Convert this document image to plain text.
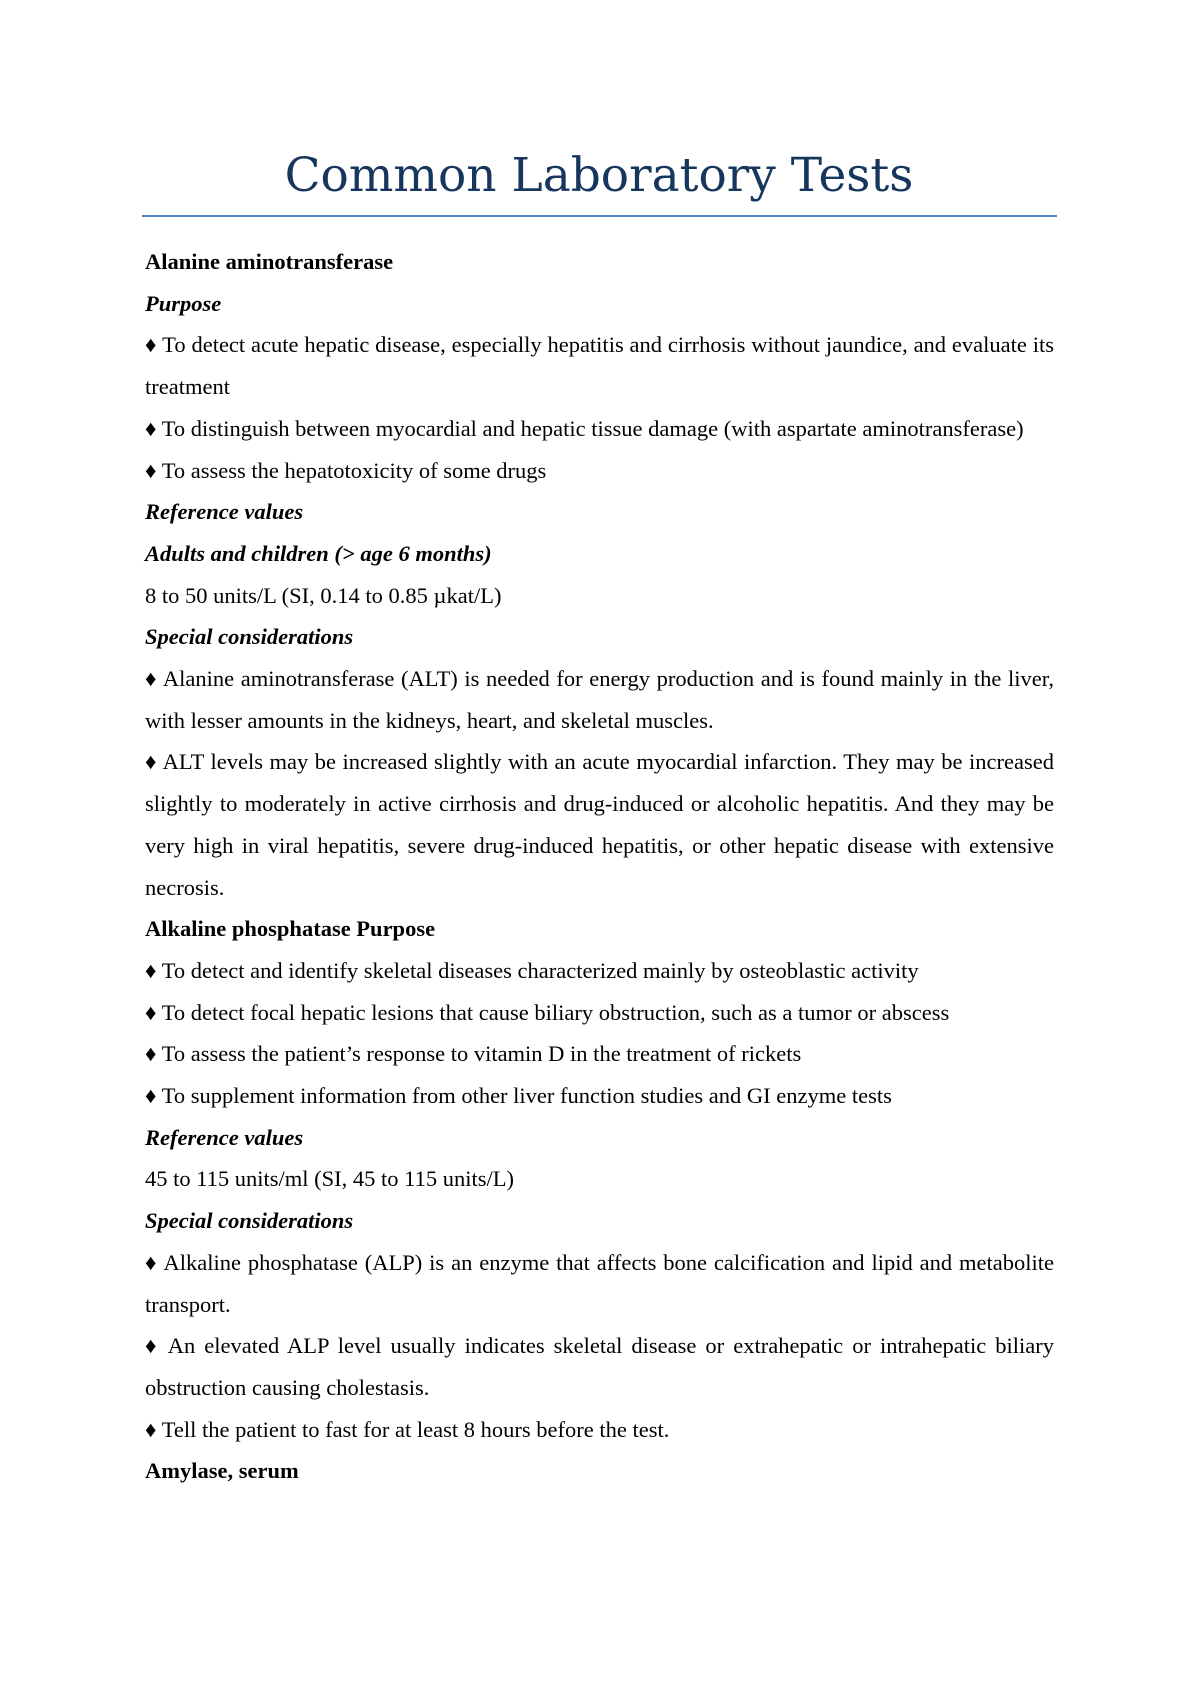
Common Laboratory Tests

Alanine aminotransferase

Purpose

♦ To detect acute hepatic disease, especially hepatitis and cirrhosis without jaundice, and evaluate its treatment

♦ To distinguish between myocardial and hepatic tissue damage (with aspartate aminotransferase)

♦ To assess the hepatotoxicity of some drugs

Reference values

Adults and children (> age 6 months)

8 to 50 units/L (SI, 0.14 to 0.85 µkat/L)

Special considerations

♦ Alanine aminotransferase (ALT) is needed for energy production and is found mainly in the liver, with lesser amounts in the kidneys, heart, and skeletal muscles.

♦ ALT levels may be increased slightly with an acute myocardial infarction. They may be increased slightly to moderately in active cirrhosis and drug-induced or alcoholic hepatitis. And they may be very high in viral hepatitis, severe drug-induced hepatitis, or other hepatic disease with extensive necrosis.

Alkaline phosphatase Purpose

♦ To detect and identify skeletal diseases characterized mainly by osteoblastic activity

♦ To detect focal hepatic lesions that cause biliary obstruction, such as a tumor or abscess

♦ To assess the patient’s response to vitamin D in the treatment of rickets

♦ To supplement information from other liver function studies and GI enzyme tests

Reference values

45 to 115 units/ml (SI, 45 to 115 units/L)

Special considerations

♦ Alkaline phosphatase (ALP) is an enzyme that affects bone calcification and lipid and metabolite transport.

♦ An elevated ALP level usually indicates skeletal disease or extrahepatic or intrahepatic biliary obstruction causing cholestasis.

♦ Tell the patient to fast for at least 8 hours before the test.

Amylase, serum
